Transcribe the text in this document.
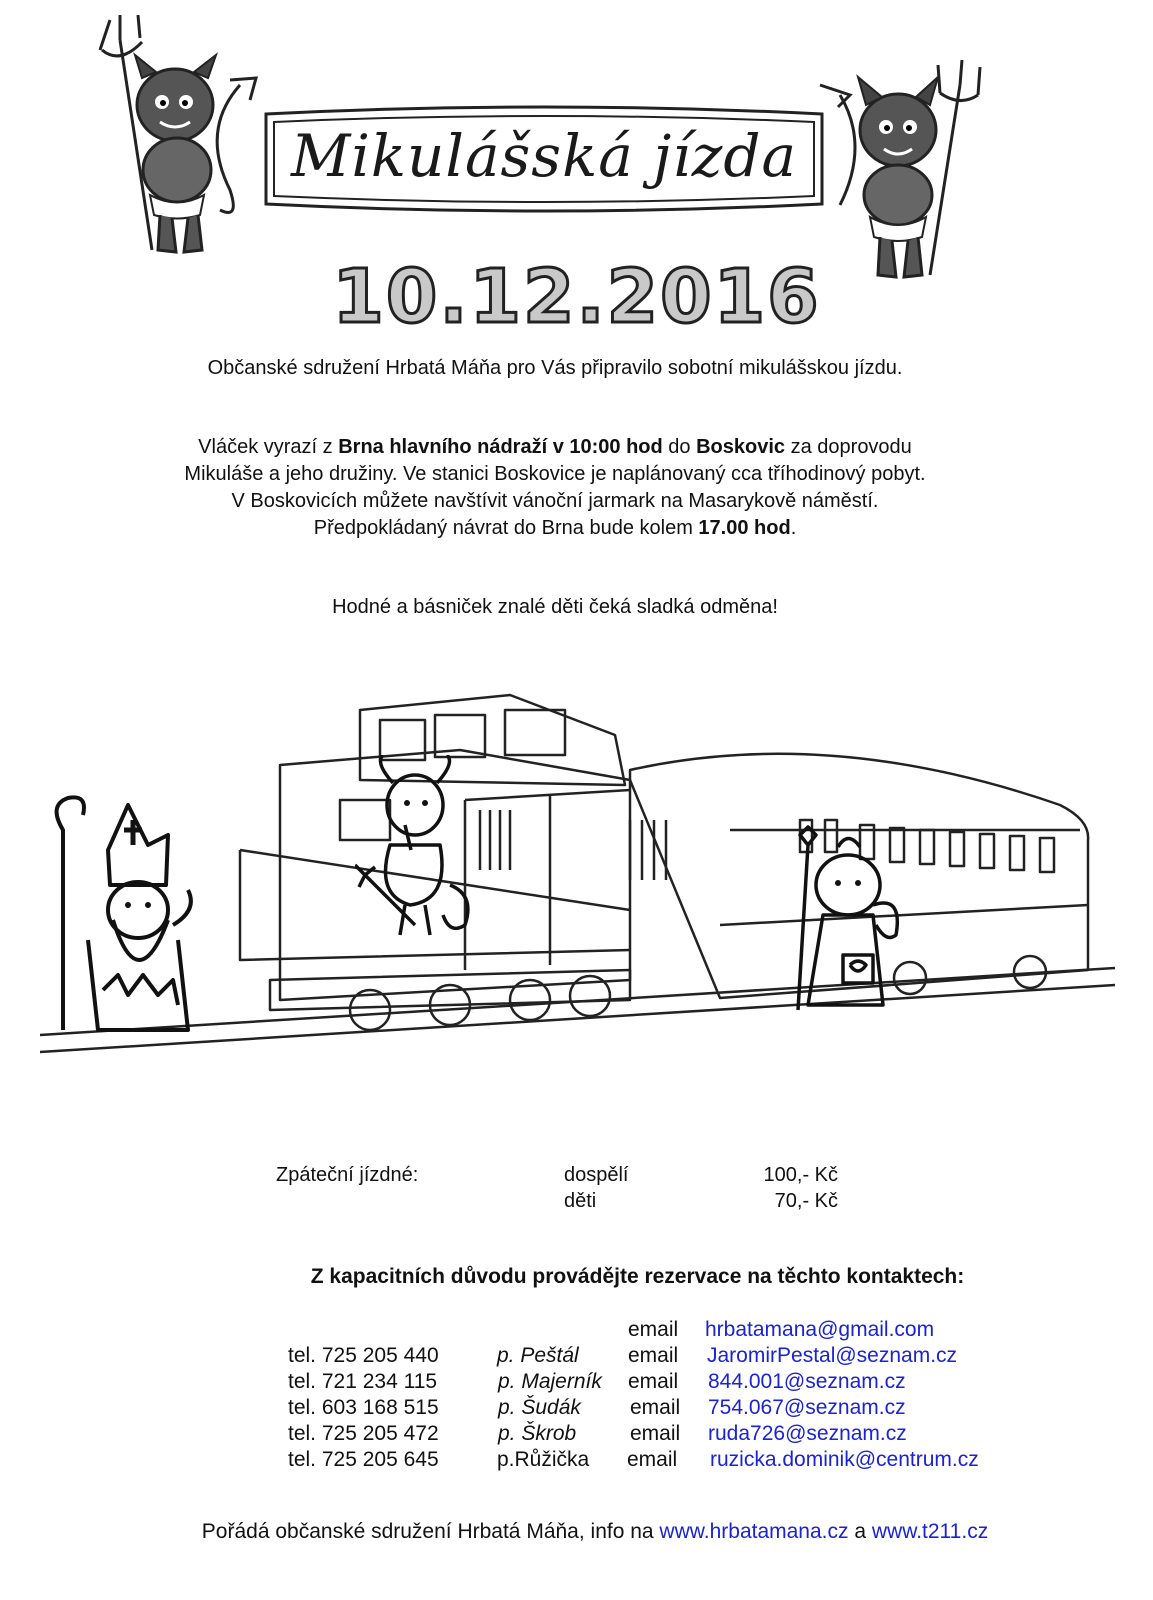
Mikulášská jízda
10.12.2016
Občanské sdružení Hrbatá Máňa pro Vás připravilo sobotní mikulášskou jízdu.
Vláček vyrazí z Brna hlavního nádraží v 10:00 hod do Boskovic za doprovodu
Mikuláše a jeho družiny. Ve stanici Boskovice je naplánovaný cca tříhodinový pobyt.
V Boskovicích můžete navštívit vánoční jarmark na Masarykově náměstí.
Předpokládaný návrat do Brna bude kolem 17.00 hod.
Hodné a básniček znalé děti čeká sladká odměna!
Zpáteční jízdné:	dospělí	100,- Kč
děti	70,- Kč
Z kapacitních důvodu provádějte rezervace na těchto kontaktech:
email hrbatamana@gmail.com
tel. 725 205 440	p. Peštál email JaromirPestal@seznam.cz
tel. 721 234 115	p. Majerník email 844.001@seznam.cz
tel. 603 168 515	p. Šudák email 754.067@seznam.cz
tel. 725 205 472	p. Škrob	email ruda726@seznam.cz
tel. 725 205 645	p.Růžička email ruzicka.dominik@centrum.cz
Pořádá občanské sdružení Hrbatá Máňa, info na www.hrbatamana.cz a www.t211.cz
